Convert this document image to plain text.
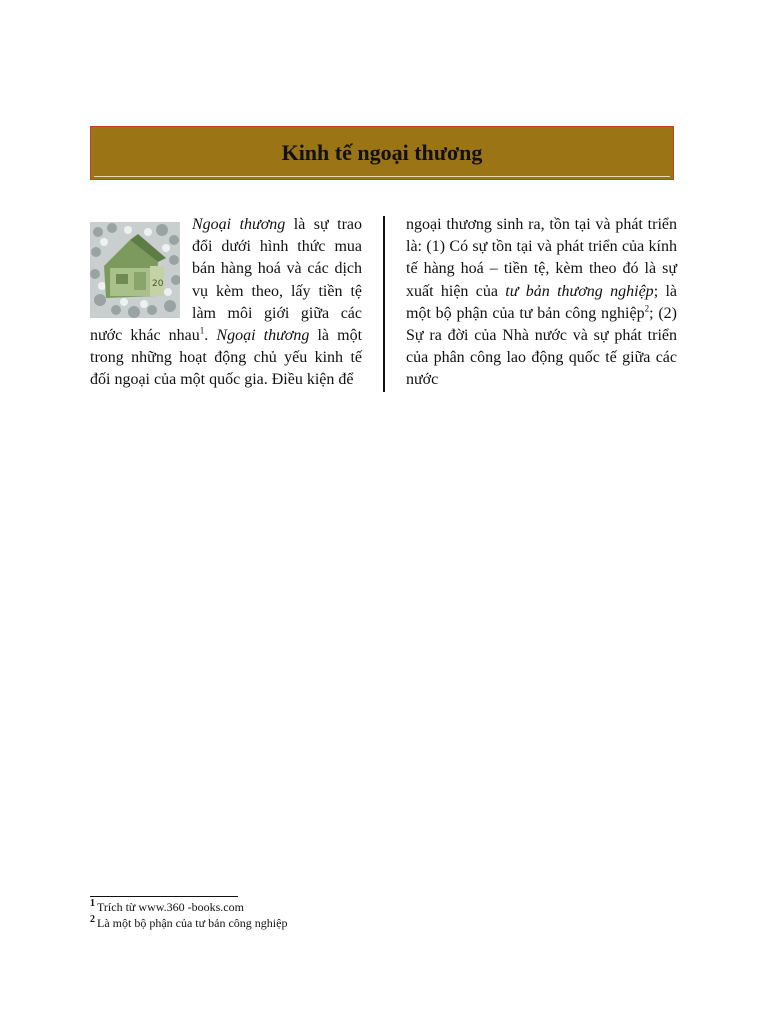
Kinh tế ngoại thương
20
Ngoại thương là sự trao đổi dưới hình thức mua bán hàng hoá và các dịch vụ kèm theo, lấy tiền tệ làm môi giới giữa các nước khác nhau$^1$. Ngoại thương là một trong những hoạt động chủ yếu kinh tế đối ngoại của một quốc gia. Điều kiện để
ngoại thương sinh ra, tồn tại và phát triển là: (1) Có sự tồn tại và phát triển của kính tế hàng hoá – tiền tệ, kèm theo đó là sự xuất hiện của tư bản thương nghiệp; là một bộ phận của tư bản công nghiệp$^2$; (2) Sự ra đời của Nhà nước và sự phát triển của phân công lao động quốc tế giữa các nước
$^1$ Trích từ www.360 -books.com
$^2$ Là một bộ phận của tư bản công nghiệp
